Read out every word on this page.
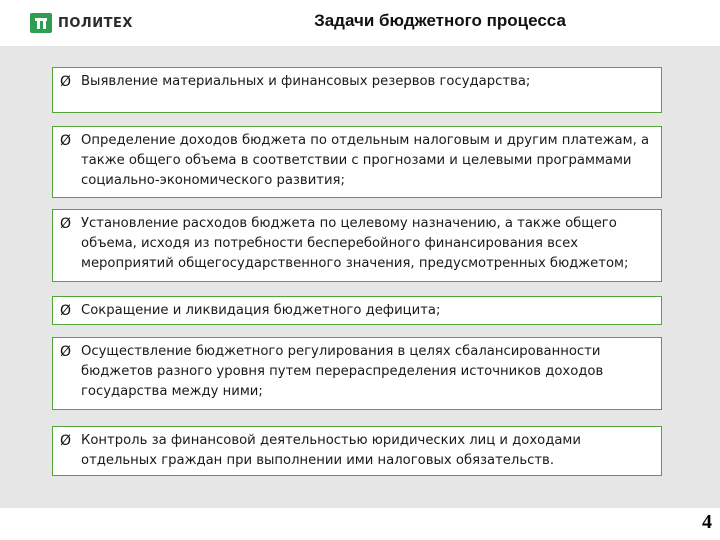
ПОЛИТЕХ	Задачи бюджетного процесса
Ø Выявление материальных и финансовых резервов государства;
Ø Определение доходов бюджета по отдельным налоговым и другим платежам, а также общего объема в соответствии с прогнозами и целевыми программами социально-экономического развития;
Ø Установление расходов бюджета по целевому назначению, а также общего объема, исходя из потребности бесперебойного финансирования всех мероприятий общегосударственного значения, предусмотренных бюджетом;
Ø Сокращение и ликвидация бюджетного дефицита;
Ø Осуществление бюджетного регулирования в целях сбалансированности бюджетов разного уровня путем перераспределения источников доходов государства между ними;
Ø Контроль за финансовой деятельностью юридических лиц и доходами отдельных граждан при выполнении ими налоговых обязательств.
4
